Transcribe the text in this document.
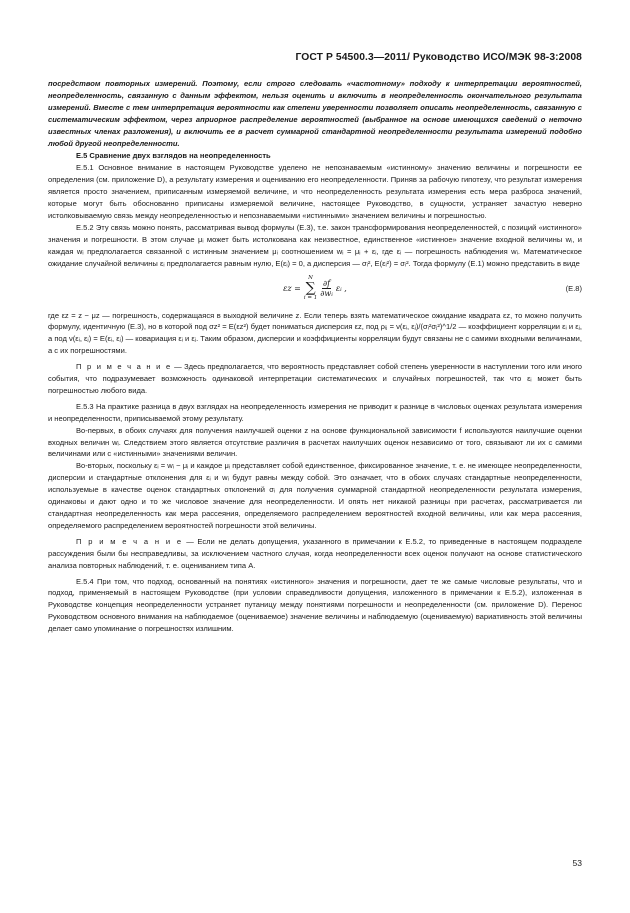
ГОСТ Р 54500.3—2011/ Руководство ИСО/МЭК 98-3:2008

посредством повторных измерений. Поэтому, если строго следовать «частотному» подходу к интерпретации вероятностей, неопределенность, связанную с данным эффектом, нельзя оценить и включить в неопределенность окончательного результата измерений. Вместе с тем интерпретация вероятности как степени уверенности позволяет описать неопределенность, связанную с систематическим эффектом, через априорное распределение вероятностей (выбранное на основе имеющихся сведений о неточно известных членах разложения), и включить ее в расчет суммарной стандартной неопределенности результата измерений подобно любой другой неопределенности.

Е.5 Сравнение двух взглядов на неопределенность

Е.5.1 Основное внимание в настоящем Руководстве уделено не непознаваемым «истинному» значению величины и погрешности ее определения (см. приложение D), а результату измерения и оцениванию его неопределенности. Приняв за рабочую гипотезу, что результат измерения является просто значением, приписанным измеряемой величине, и что неопределенность результата измерения есть мера разброса значений, которые могут быть обоснованно приписаны измеряемой величине, настоящее Руководство, в сущности, устраняет зачастую неверно истолковываемую связь между неопределенностью и непознаваемыми «истинными» значением величины и погрешностью.

Е.5.2 Эту связь можно понять, рассматривая вывод формулы (Е.3), т.е. закон трансформирования неопределенностей, с позиций «истинного» значения и погрешности. В этом случае μᵢ может быть истолкована как неизвестное, единственное «истинное» значение входной величины wᵢ, и каждая wᵢ предполагается связанной с истинным значением μᵢ соотношением wᵢ = μᵢ + εᵢ, где εᵢ — погрешность наблюдения wᵢ. Математическое ожидание случайной величины εᵢ предполагается равным нулю, E(εᵢ) = 0, а дисперсия — σᵢ², E(εᵢ²) = σᵢ². Тогда формулу (Е.1) можно представить в виде

εz =
N
∑
$i = 1 \frac{\partial f}{\text{∂wᵢ}}$ εᵢ ,	(Е.8)

где εz = z − μz — погрешность, содержащаяся в выходной величине z. Если теперь взять математическое ожидание квадрата εz, то можно получить формулу, идентичную (Е.3), но в которой под σz² = E(εz²) будет пониматься дисперсия εz, под ρᵢⱼ = ν(εᵢ, εⱼ)/(σᵢ²σⱼ²)^1/2 — коэффициент корреляции εᵢ и εⱼ, а под ν(εᵢ, εⱼ) = E(εᵢ, εⱼ) — ковариация εᵢ и εⱼ. Таким образом, дисперсии и коэффициенты корреляции будут связаны не с самими входными величинами, а с их погрешностями.

П р и м е ч а н и е — Здесь предполагается, что вероятность представляет собой степень уверенности в наступлении того или иного события, что подразумевает возможность одинаковой интерпретации систематических и случайных погрешностей, так что εᵢ может быть погрешностью любого вида.

Е.5.3 На практике разница в двух взглядах на неопределенность измерения не приводит к разнице в числовых оценках результата измерения и неопределенности, приписываемой этому результату.

Во-первых, в обоих случаях для получения наилучшей оценки z на основе функциональной зависимости f используются наилучшие оценки входных величин wᵢ. Следствием этого является отсутствие различия в расчетах наилучших оценок независимо от того, связывают ли их с самими величинами или с «истинными» значениями величин.

Во-вторых, поскольку εᵢ = wᵢ − μᵢ и каждое μᵢ представляет собой единственное, фиксированное значение, т. е. не имеющее неопределенности, дисперсии и стандартные отклонения для εᵢ и wᵢ будут равны между собой. Это означает, что в обоих случаях стандартные неопределенности, используемые в качестве оценок стандартных отклонений σᵢ для получения суммарной стандартной неопределенности результата измерения, одинаковы и дают одно и то же числовое значение для неопределенности. И опять нет никакой разницы при расчетах, рассматривается ли стандартная неопределенность как мера рассеяния, определяемого распределением вероятностей входной величины, или как мера рассеяния, определяемого распределением вероятностей погрешности этой величины.

П р и м е ч а н и е — Если не делать допущения, указанного в примечании к Е.5.2, то приведенные в настоящем подразделе рассуждения были бы несправедливы, за исключением частного случая, когда неопределенности всех оценок получают на основе статистического анализа повторных наблюдений, т. е. оцениванием типа А.

Е.5.4 При том, что подход, основанный на понятиях «истинного» значения и погрешности, дает те же самые числовые результаты, что и подход, применяемый в настоящем Руководстве (при условии справедливости допущения, изложенного в примечании к Е.5.2), изложенная в Руководстве концепция неопределенности устраняет путаницу между понятиями погрешности и неопределенности (см. приложение D). Перенос Руководством основного внимания на наблюдаемое (оцениваемое) значение величины и наблюдаемую (оцениваемую) вариативность этой величины делает само упоминание о погрешностях излишним.

53
